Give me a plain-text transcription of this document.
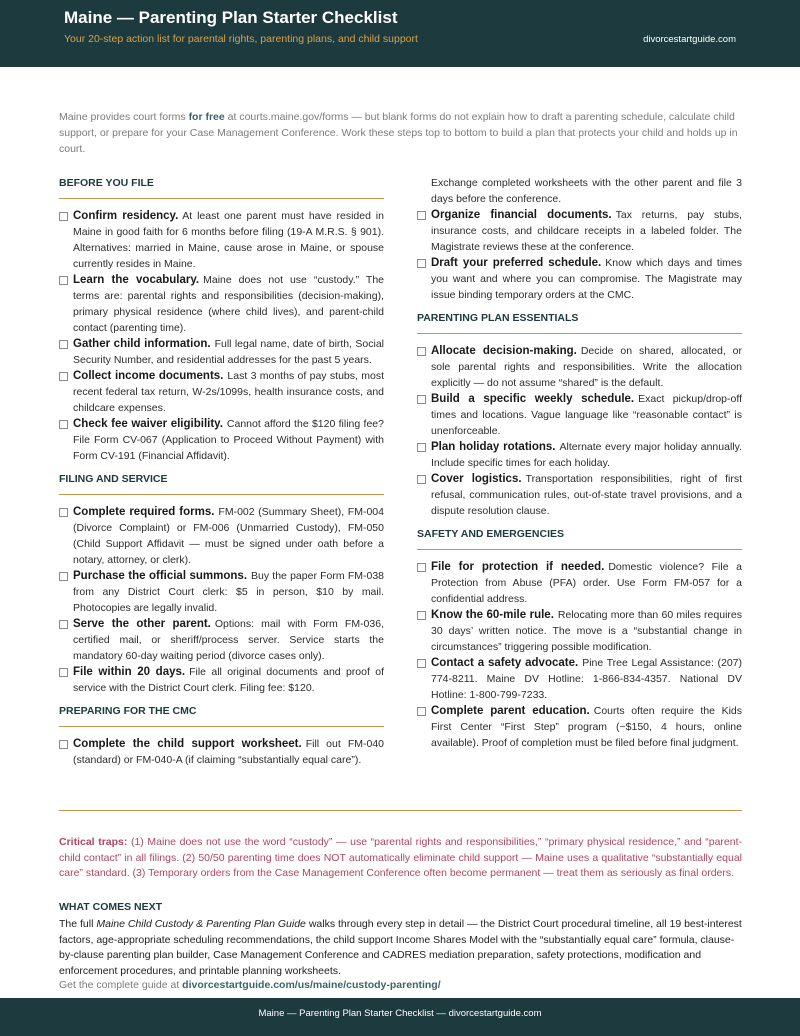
Maine — Parenting Plan Starter Checklist
Your 20-step action list for parental rights, parenting plans, and child support	divorcestartguide.com
Maine provides court forms for free at courts.maine.gov/forms — but blank forms do not explain how to draft a parenting schedule, calculate child support, or prepare for your Case Management Conference. Work these steps top to bottom to build a plan that protects your child and holds up in court.
BEFORE YOU FILE
Confirm residency. At least one parent must have resided in Maine in good faith for 6 months before filing (19-A M.R.S. § 901). Alternatives: married in Maine, cause arose in Maine, or spouse currently resides in Maine.
Learn the vocabulary. Maine does not use “custody.” The terms are: parental rights and responsibilities (decision-making), primary physical residence (where child lives), and parent-child contact (parenting time).
Gather child information. Full legal name, date of birth, Social Security Number, and residential addresses for the past 5 years.
Collect income documents. Last 3 months of pay stubs, most recent federal tax return, W-2s/1099s, health insurance costs, and childcare expenses.
Check fee waiver eligibility. Cannot afford the $120 filing fee? File Form CV-067 (Application to Proceed Without Payment) with Form CV-191 (Financial Affidavit).
FILING AND SERVICE
Complete required forms. FM-002 (Summary Sheet), FM-004 (Divorce Complaint) or FM-006 (Unmarried Custody), FM-050 (Child Support Affidavit — must be signed under oath before a notary, attorney, or clerk).
Purchase the official summons. Buy the paper Form FM-038 from any District Court clerk: $5 in person, $10 by mail. Photocopies are legally invalid.
Serve the other parent. Options: mail with Form FM-036, certified mail, or sheriff/process server. Service starts the mandatory 60-day waiting period (divorce cases only).
File within 20 days. File all original documents and proof of service with the District Court clerk. Filing fee: $120.
PREPARING FOR THE CMC
Complete the child support worksheet. Fill out FM-040 (standard) or FM-040-A (if claiming “substantially equal care”).
Exchange completed worksheets with the other parent and file 3 days before the conference.
Organize financial documents. Tax returns, pay stubs, insurance costs, and childcare receipts in a labeled folder. The Magistrate reviews these at the conference.
Draft your preferred schedule. Know which days and times you want and where you can compromise. The Magistrate may issue binding temporary orders at the CMC.
PARENTING PLAN ESSENTIALS
Allocate decision-making. Decide on shared, allocated, or sole parental rights and responsibilities. Write the allocation explicitly — do not assume “shared” is the default.
Build a specific weekly schedule. Exact pickup/drop-off times and locations. Vague language like “reasonable contact” is unenforceable.
Plan holiday rotations. Alternate every major holiday annually. Include specific times for each holiday.
Cover logistics. Transportation responsibilities, right of first refusal, communication rules, out-of-state travel provisions, and a dispute resolution clause.
SAFETY AND EMERGENCIES
File for protection if needed. Domestic violence? File a Protection from Abuse (PFA) order. Use Form FM-057 for a confidential address.
Know the 60-mile rule. Relocating more than 60 miles requires 30 days’ written notice. The move is a “substantial change in circumstances” triggering possible modification.
Contact a safety advocate. Pine Tree Legal Assistance: (207) 774-8211. Maine DV Hotline: 1-866-834-4357. National DV Hotline: 1-800-799-7233.
Complete parent education. Courts often require the Kids First Center “First Step” program (~$150, 4 hours, online available). Proof of completion must be filed before final judgment.
Critical traps: (1) Maine does not use the word “custody” — use “parental rights and responsibilities,” “primary physical residence,” and “parent-child contact” in all filings. (2) 50/50 parenting time does NOT automatically eliminate child support — Maine uses a qualitative “substantially equal care” standard. (3) Temporary orders from the Case Management Conference often become permanent — treat them as seriously as final orders.
WHAT COMES NEXT
The full Maine Child Custody & Parenting Plan Guide walks through every step in detail — the District Court procedural timeline, all 19 best-interest factors, age-appropriate scheduling recommendations, the child support Income Shares Model with the “substantially equal care” formula, clause-by-clause parenting plan builder, Case Management Conference and CADRES mediation preparation, safety protections, modification and enforcement procedures, and printable planning worksheets.
Get the complete guide at divorcestartguide.com/us/maine/custody-parenting/
Maine — Parenting Plan Starter Checklist — divorcestartguide.com
